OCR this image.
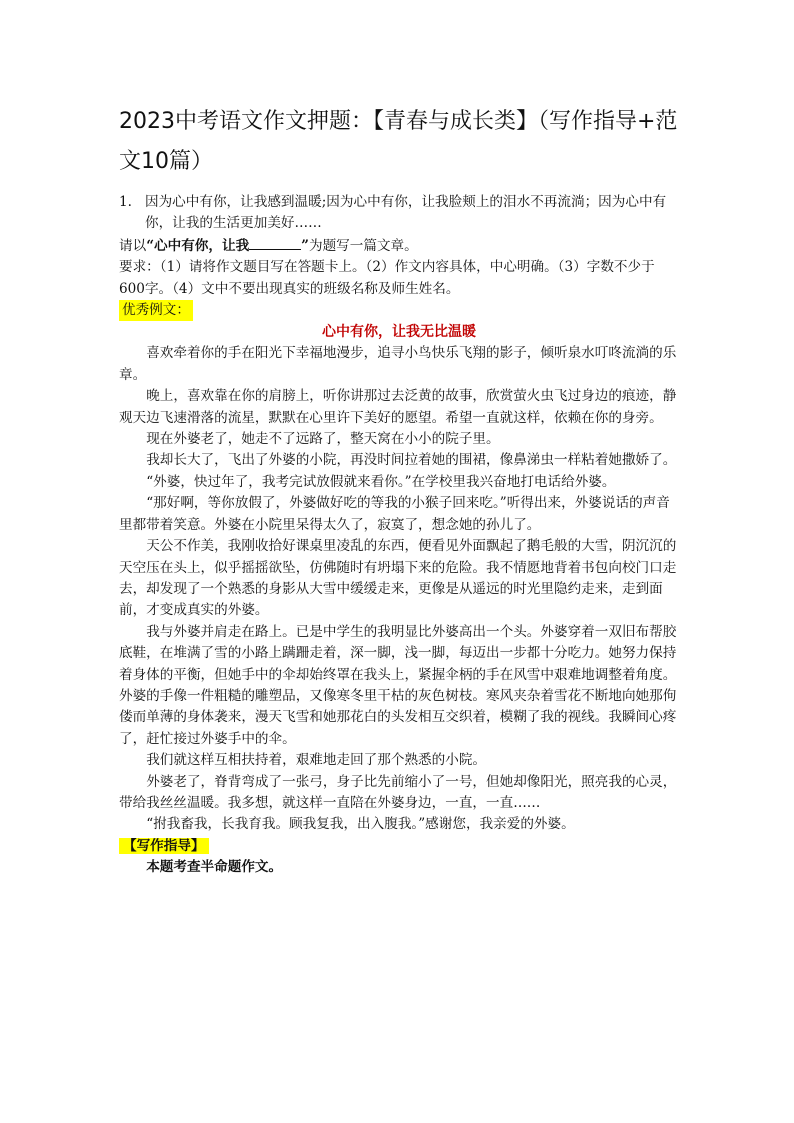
2023中考语文作文押题：【青春与成长类】（写作指导+范文10篇）
1. 因为心中有你，让我感到温暖;因为心中有你，让我脸颊上的泪水不再流淌；因为心中有你，让我的生活更加美好……

请以“心中有你，让我	”为题写一篇文章。

要求：（1）请将作文题目写在答题卡上。（2）作文内容具体，中心明确。（3）字数不少于600字。（4）文中不要出现真实的班级名称及师生姓名。

优秀例文：

心中有你，让我无比温暖

喜欢牵着你的手在阳光下幸福地漫步，追寻小鸟快乐飞翔的影子，倾听泉水叮咚流淌的乐章。

晚上，喜欢靠在你的肩膀上，听你讲那过去泛黄的故事，欣赏萤火虫飞过身边的痕迹，静观天边飞速滑落的流星，默默在心里许下美好的愿望。希望一直就这样，依赖在你的身旁。

现在外婆老了，她走不了远路了，整天窝在小小的院子里。

我却长大了，飞出了外婆的小院，再没时间拉着她的围裙，像鼻涕虫一样粘着她撒娇了。

“外婆，快过年了，我考完试放假就来看你。”在学校里我兴奋地打电话给外婆。

“那好啊，等你放假了，外婆做好吃的等我的小猴子回来吃。”听得出来，外婆说话的声音里都带着笑意。外婆在小院里呆得太久了，寂寞了，想念她的孙儿了。

天公不作美，我刚收拾好课桌里凌乱的东西，便看见外面飘起了鹅毛般的大雪，阴沉沉的天空压在头上，似乎摇摇欲坠，仿佛随时有坍塌下来的危险。我不情愿地背着书包向校门口走去，却发现了一个熟悉的身影从大雪中缓缓走来，更像是从遥远的时光里隐约走来，走到面前，才变成真实的外婆。

我与外婆并肩走在路上。已是中学生的我明显比外婆高出一个头。外婆穿着一双旧布帮胶底鞋，在堆满了雪的小路上蹒跚走着，深一脚，浅一脚，每迈出一步都十分吃力。她努力保持着身体的平衡，但她手中的伞却始终罩在我头上，紧握伞柄的手在风雪中艰难地调整着角度。外婆的手像一件粗糙的雕塑品，又像寒冬里干枯的灰色树枝。寒风夹杂着雪花不断地向她那佝偻而单薄的身体袭来，漫天飞雪和她那花白的头发相互交织着，模糊了我的视线。我瞬间心疼了，赶忙接过外婆手中的伞。

我们就这样互相扶持着，艰难地走回了那个熟悉的小院。

外婆老了，脊背弯成了一张弓，身子比先前缩小了一号，但她却像阳光，照亮我的心灵，带给我丝丝温暖。我多想，就这样一直陪在外婆身边，一直，一直……

“拊我畜我，长我育我。顾我复我，出入腹我。”感谢您，我亲爱的外婆。

【写作指导】

本题考查半命题作文。
